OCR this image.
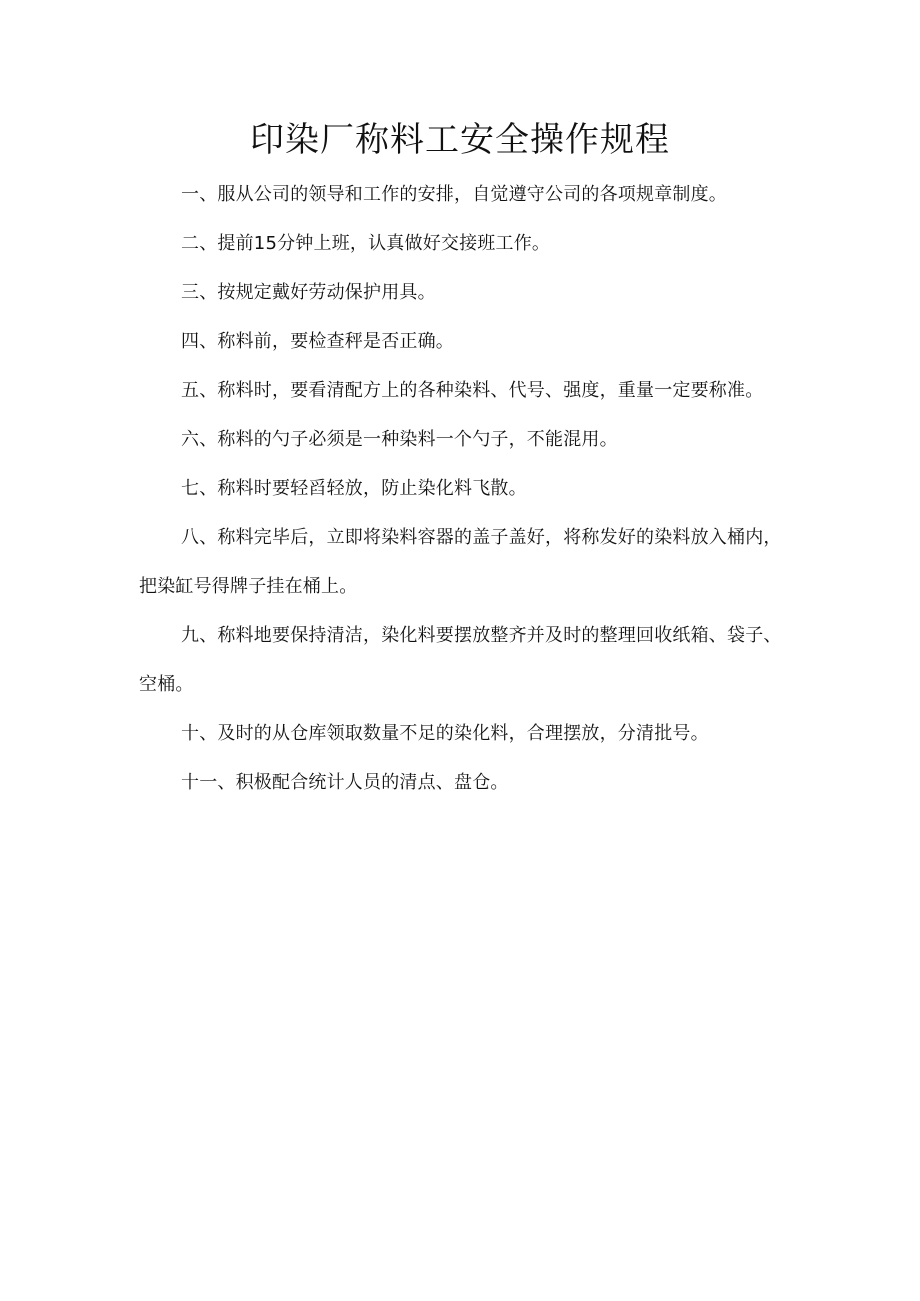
印染厂称料工安全操作规程

一、服从公司的领导和工作的安排，自觉遵守公司的各项规章制度。

二、提前15分钟上班，认真做好交接班工作。

三、按规定戴好劳动保护用具。

四、称料前，要检查秤是否正确。

五、称料时，要看清配方上的各种染料、代号、强度，重量一定要称准。

六、称料的勺子必须是一种染料一个勺子，不能混用。

七、称料时要轻舀轻放，防止染化料飞散。

八、称料完毕后，立即将染料容器的盖子盖好，将称发好的染料放入桶内，把染缸号得牌子挂在桶上。

九、称料地要保持清洁，染化料要摆放整齐并及时的整理回收纸箱、袋子、空桶。

十、及时的从仓库领取数量不足的染化料，合理摆放，分清批号。

十一、积极配合统计人员的清点、盘仓。
